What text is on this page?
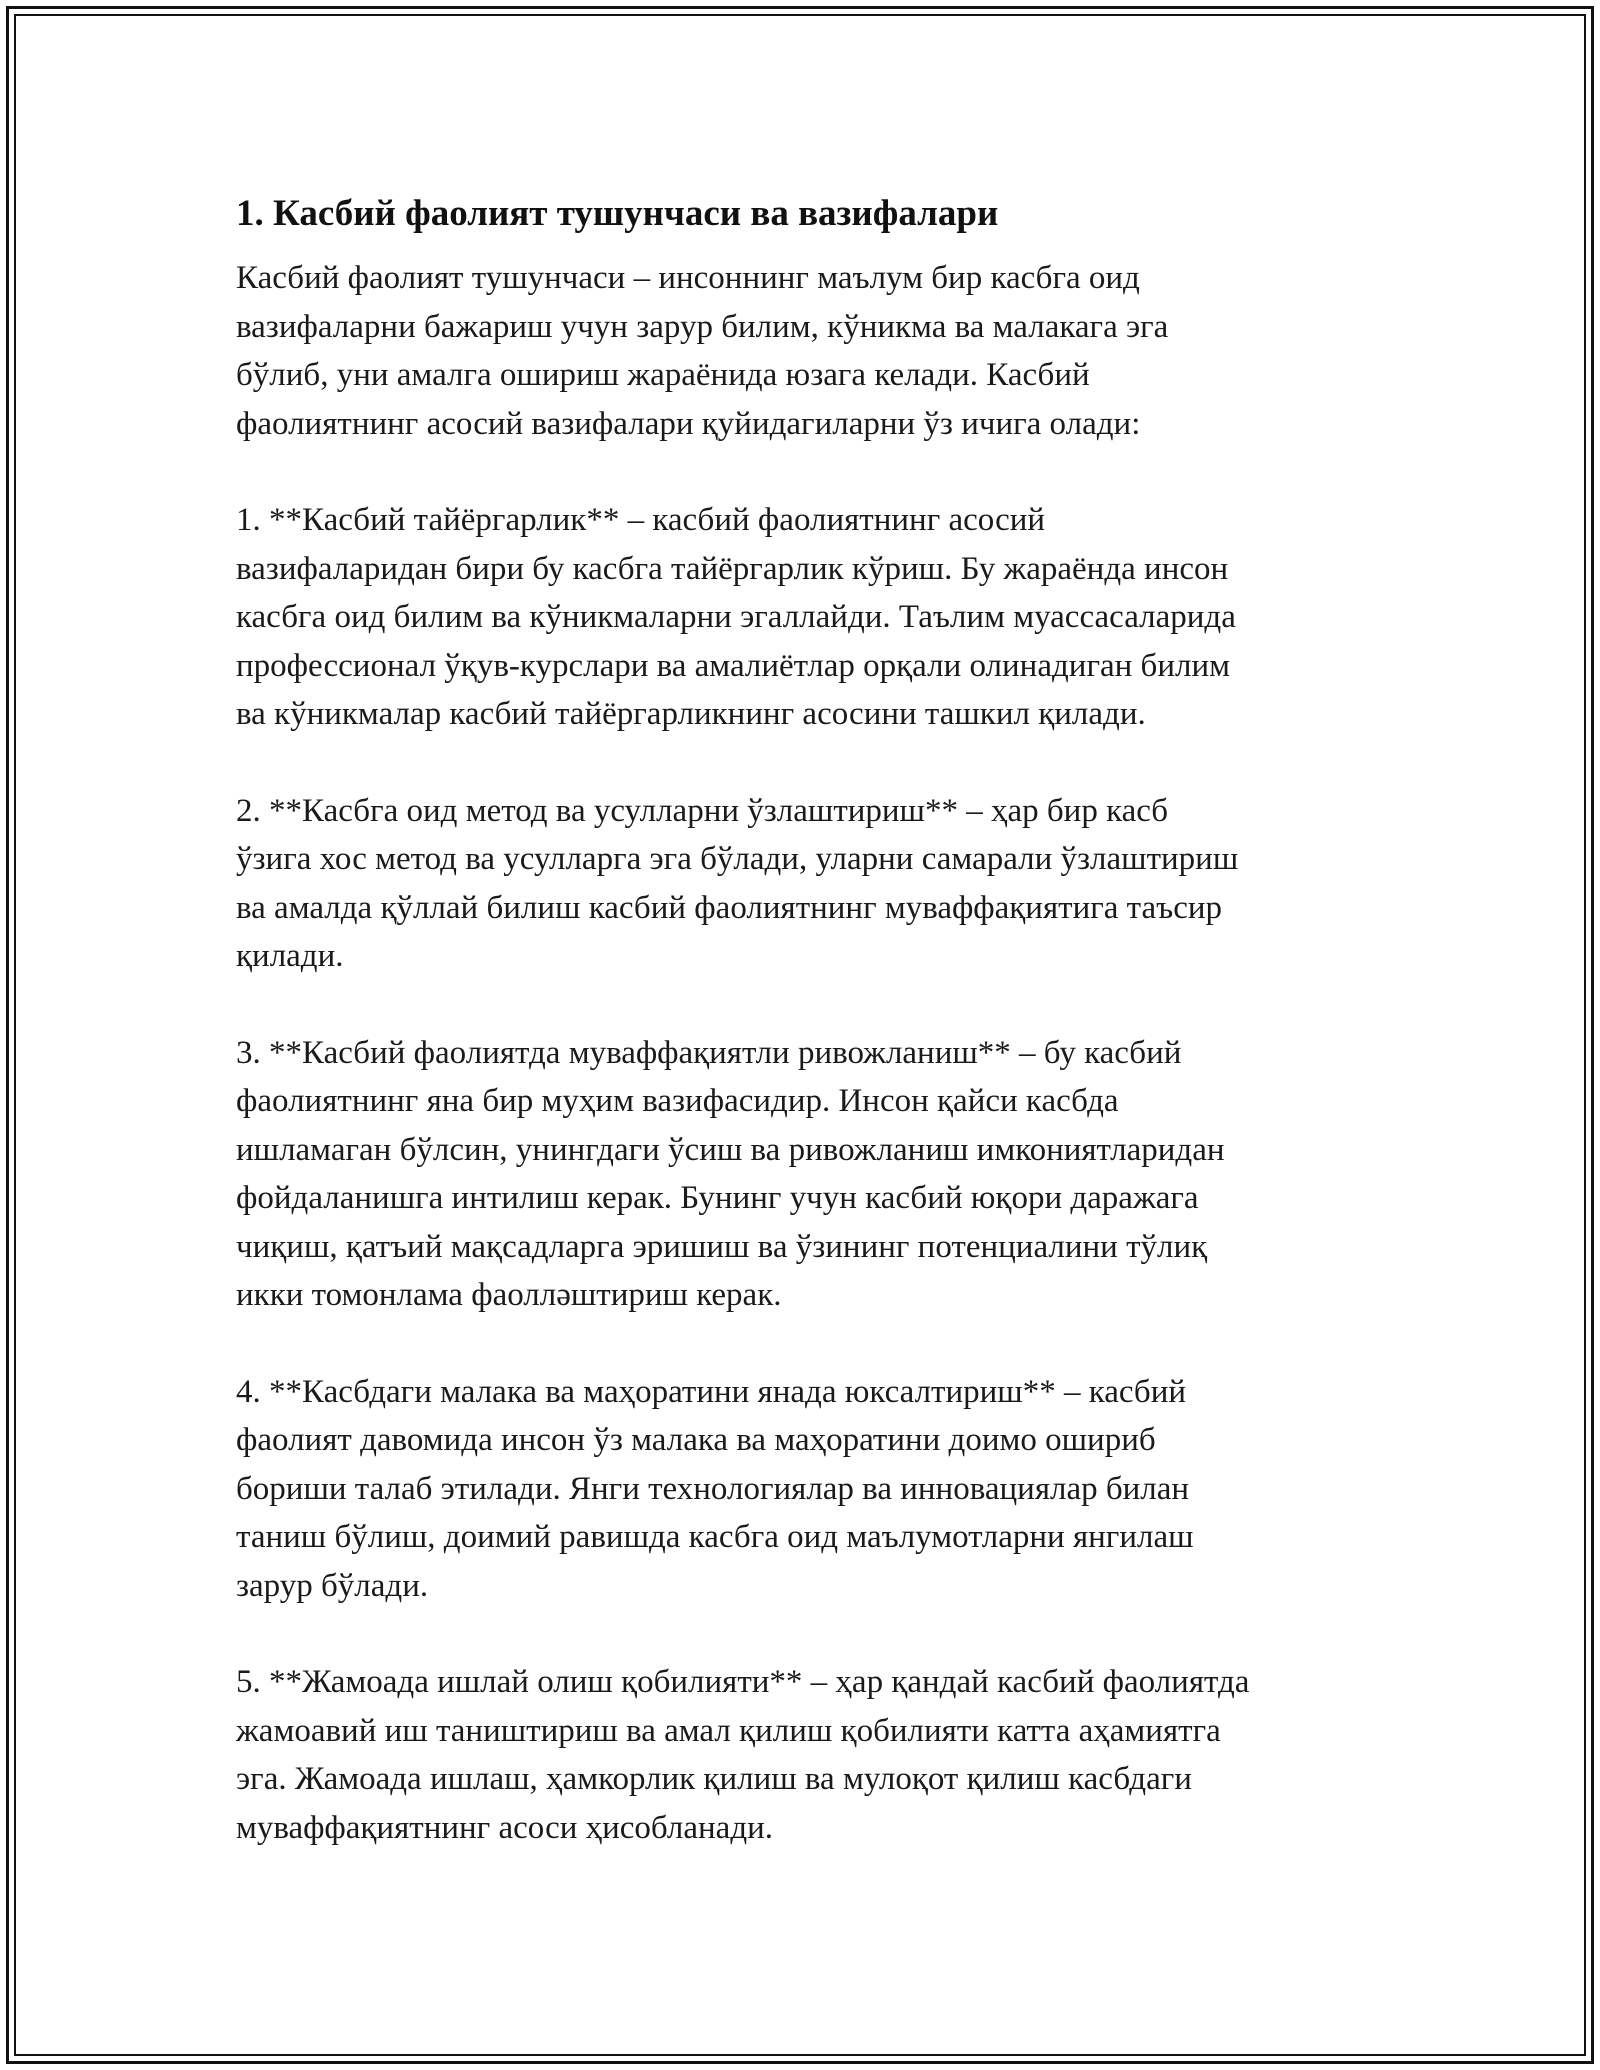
1. Касбий фаолият тушунчаси ва вазифалари
Касбий фаолият тушунчаси – инсоннинг маълум бир касбга оид
вазифаларни бажариш учун зарур билим, кўникма ва малакага эга
бўлиб, уни амалга ошириш жараёнида юзага келади. Касбий
фаолиятнинг асосий вазифалари қуйидагиларни ўз ичига олади:
1. **Касбий тайёргарлик** – касбий фаолиятнинг асосий
вазифаларидан бири бу касбга тайёргарлик кўриш. Бу жараёнда инсон
касбга оид билим ва кўникмаларни эгаллайди. Таълим муассасаларида
профессионал ўқув-курслари ва амалиётлар орқали олинадиган билим
ва кўникмалар касбий тайёргарликнинг асосини ташкил қилади.
2. **Касбга оид метод ва усулларни ўзлаштириш** – ҳар бир касб
ўзига хос метод ва усулларга эга бўлади, уларни самарали ўзлаштириш
ва амалда қўллай билиш касбий фаолиятнинг муваффақиятига таъсир
қилади.
3. **Касбий фаолиятда муваффақиятли ривожланиш** – бу касбий
фаолиятнинг яна бир муҳим вазифасидир. Инсон қайси касбда
ишламаган бўлсин, унингдаги ўсиш ва ривожланиш имкониятларидан
фойдаланишга интилиш керак. Бунинг учун касбий юқори даражага
чиқиш, қатъий мақсадларга эришиш ва ўзининг потенциалини тўлиқ
икки томонлама фаолләштириш керак.
4. **Касбдаги малака ва маҳоратини янада юксалтириш** – касбий
фаолият давомида инсон ўз малака ва маҳоратини доимо ошириб
бориши талаб этилади. Янги технологиялар ва инновациялар билан
таниш бўлиш, доимий равишда касбга оид маълумотларни янгилаш
зарур бўлади.
5. **Жамоада ишлай олиш қобилияти** – ҳар қандай касбий фаолиятда
жамоавий иш таништириш ва амал қилиш қобилияти катта аҳамиятга
эга. Жамоада ишлаш, ҳамкорлик қилиш ва мулоқот қилиш касбдаги
муваффақиятнинг асоси ҳисобланади.
